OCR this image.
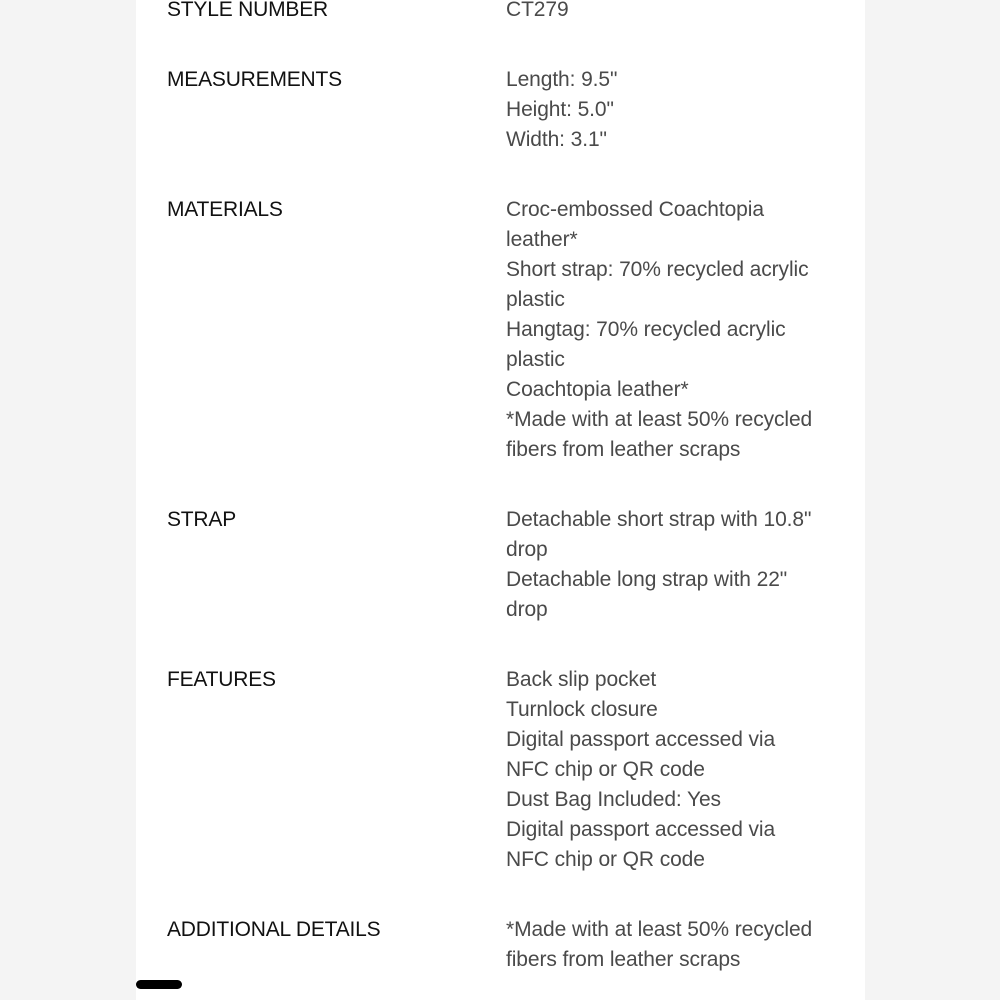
STYLE NUMBER	CT279
MEASUREMENTS	Length: 9.5"
Height: 5.0"
Width: 3.1"
MATERIALS	Croc-embossed Coachtopia
leather*
Short strap: 70% recycled acrylic
plastic
Hangtag: 70% recycled acrylic
plastic
Coachtopia leather*
*Made with at least 50% recycled
fibers from leather scraps
STRAP	Detachable short strap with 10.8"
drop
Detachable long strap with 22"
drop
FEATURES	Back slip pocket
Turnlock closure
Digital passport accessed via
NFC chip or QR code
Dust Bag Included: Yes
Digital passport accessed via
NFC chip or QR code
ADDITIONAL DETAILS	*Made with at least 50% recycled
fibers from leather scraps
